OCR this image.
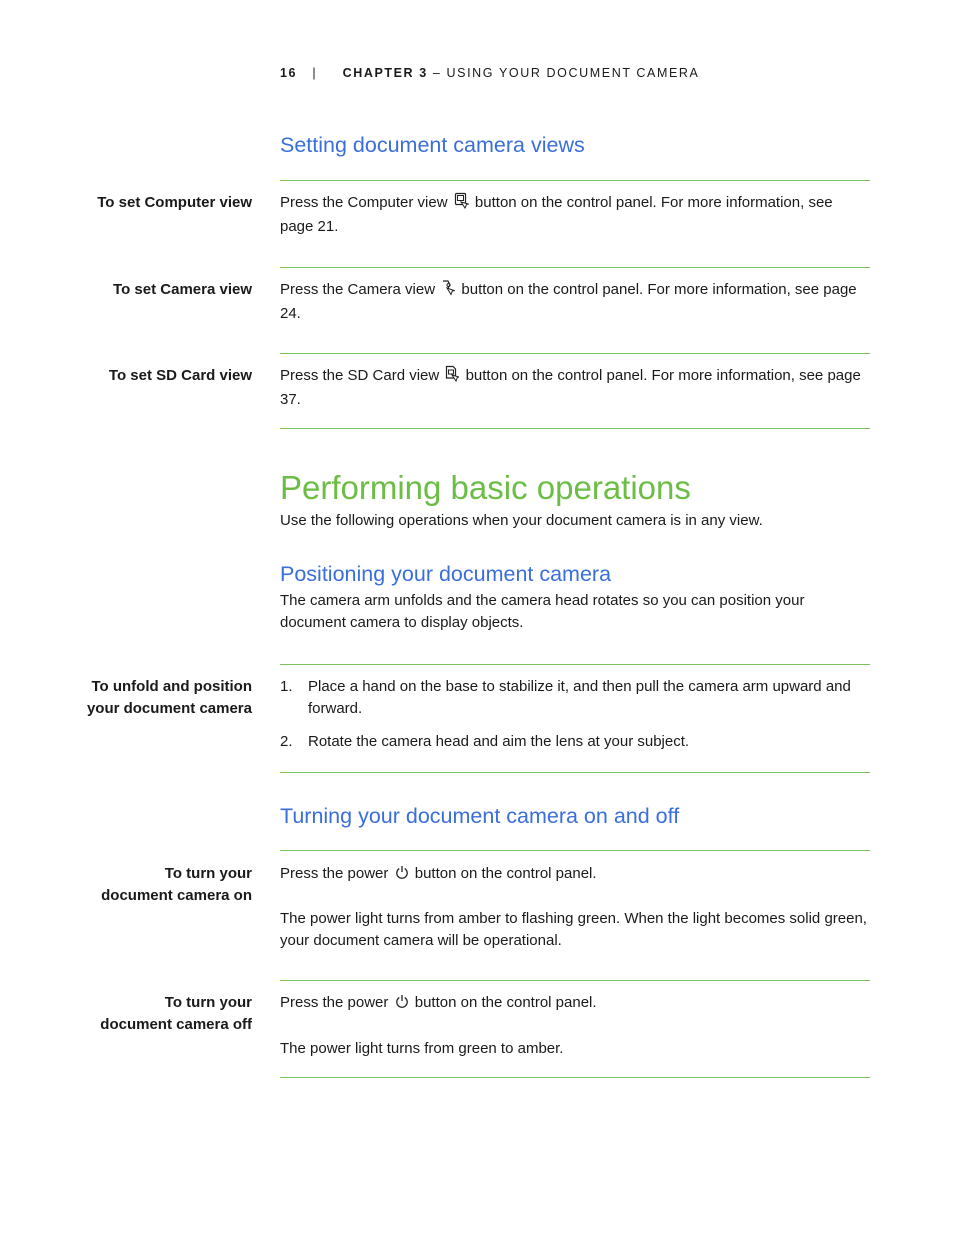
16 | CHAPTER 3 – USING YOUR DOCUMENT CAMERA
Setting document camera views
To set Computer view Press the Computer view button on the control panel. For more information, see page 21.
To set Camera view Press the Camera view button on the control panel. For more information, see page 24.
To set SD Card view Press the SD Card view button on the control panel. For more information, see page 37.
Performing basic operations
Use the following operations when your document camera is in any view.
Positioning your document camera
The camera arm unfolds and the camera head rotates so you can position your document camera to display objects.
To unfold and position
your document camera
1. Place a hand on the base to stabilize it, and then pull the camera arm upward and forward.
2. Rotate the camera head and aim the lens at your subject.
Turning your document camera on and off
To turn your
document camera on
Press the power button on the control panel.
The power light turns from amber to flashing green. When the light becomes solid green, your document camera will be operational.
To turn your
document camera off
Press the power button on the control panel.
The power light turns from green to amber.
